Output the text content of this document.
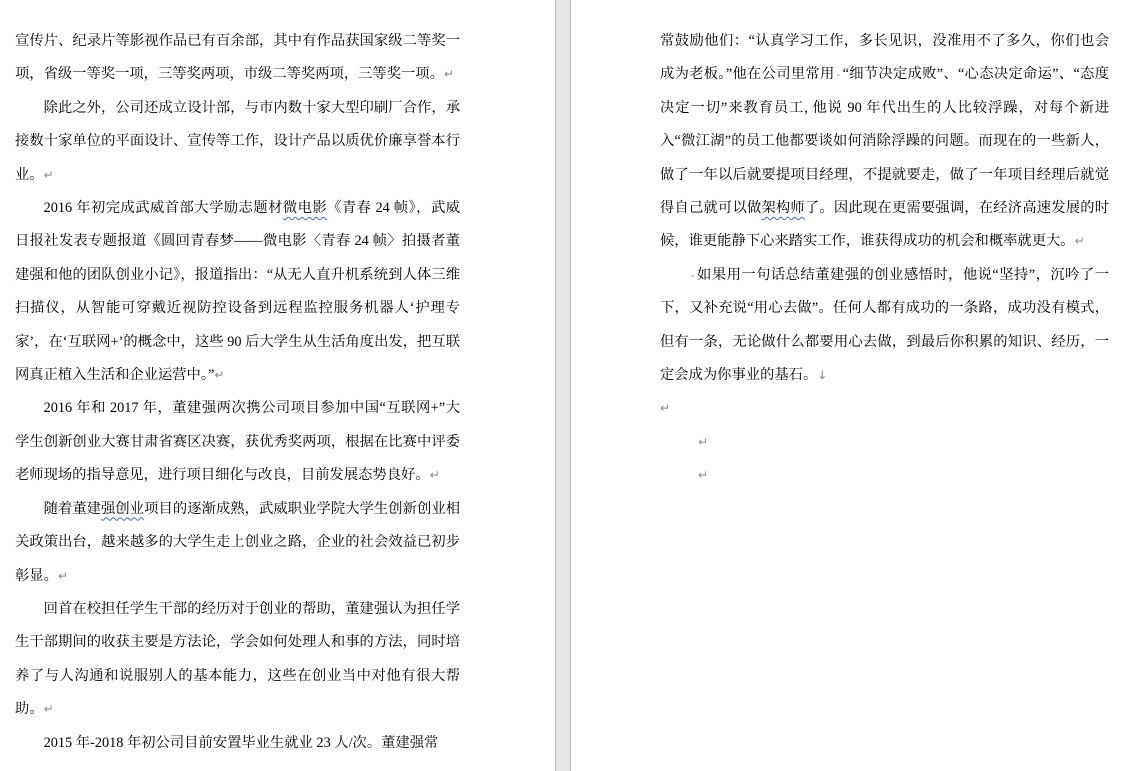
宣传片、纪录片等影视作品已有百余部，其中有作品获国家级二等奖一项，省级一等奖一项，三等奖两项，市级二等奖两项，三等奖一项。↵

除此之外，公司还成立设计部，与市内数十家大型印刷厂合作，承接数十家单位的平面设计、宣传等工作，设计产品以质优价廉享誉本行业。↵

2016 年初完成武威首部大学励志题材微电影《青春 24 帧》，武威日报社发表专题报道《圆回青春梦——微电影〈青春 24 帧〉拍摄者董建强和他的团队创业小记》，报道指出：“从无人直升机系统到人体三维扫描仪，从智能可穿戴近视防控设备到远程监控服务机器人‘护理专家’，在‘互联网+’的概念中，这些 90 后大学生从生活角度出发，把互联网真正植入生活和企业运营中。”↵

2016 年和 2017 年，董建强两次携公司项目参加中国“互联网+”大学生创新创业大赛甘肃省赛区决赛，获优秀奖两项，根据在比赛中评委老师现场的指导意见，进行项目细化与改良，目前发展态势良好。↵

随着董建强创业项目的逐渐成熟，武威职业学院大学生创新创业相关政策出台，越来越多的大学生走上创业之路，企业的社会效益已初步彰显。↵

回首在校担任学生干部的经历对于创业的帮助，董建强认为担任学生干部期间的收获主要是方法论，学会如何处理人和事的方法，同时培养了与人沟通和说服别人的基本能力，这些在创业当中对他有很大帮助。↵

2015 年-2018 年初公司目前安置毕业生就业 23 人/次。董建强常

常鼓励他们：“认真学习工作，多长见识，没准用不了多久，你们也会成为老板。”他在公司里常用 - “细节决定成败”、“心态决定命运”、“态度决定一切”来教育员工, 他说 90 年代出生的人比较浮躁，对每个新进入“微江湖”的员工他都要谈如何消除浮躁的问题。而现在的一些新人，做了一年以后就要提项目经理，不提就要走，做了一年项目经理后就觉得自己就可以做架构师了。因此现在更需要强调，在经济高速发展的时候，谁更能静下心来踏实工作，谁获得成功的机会和概率就更大。↵

- 如果用一句话总结董建强的创业感悟时，他说“坚持”，沉吟了一下，又补充说“用心去做”。任何人都有成功的一条路，成功没有模式，但有一条，无论做什么都要用心去做，到最后你积累的知识、经历，一定会成为你事业的基石。↓

↵

↵

↵
